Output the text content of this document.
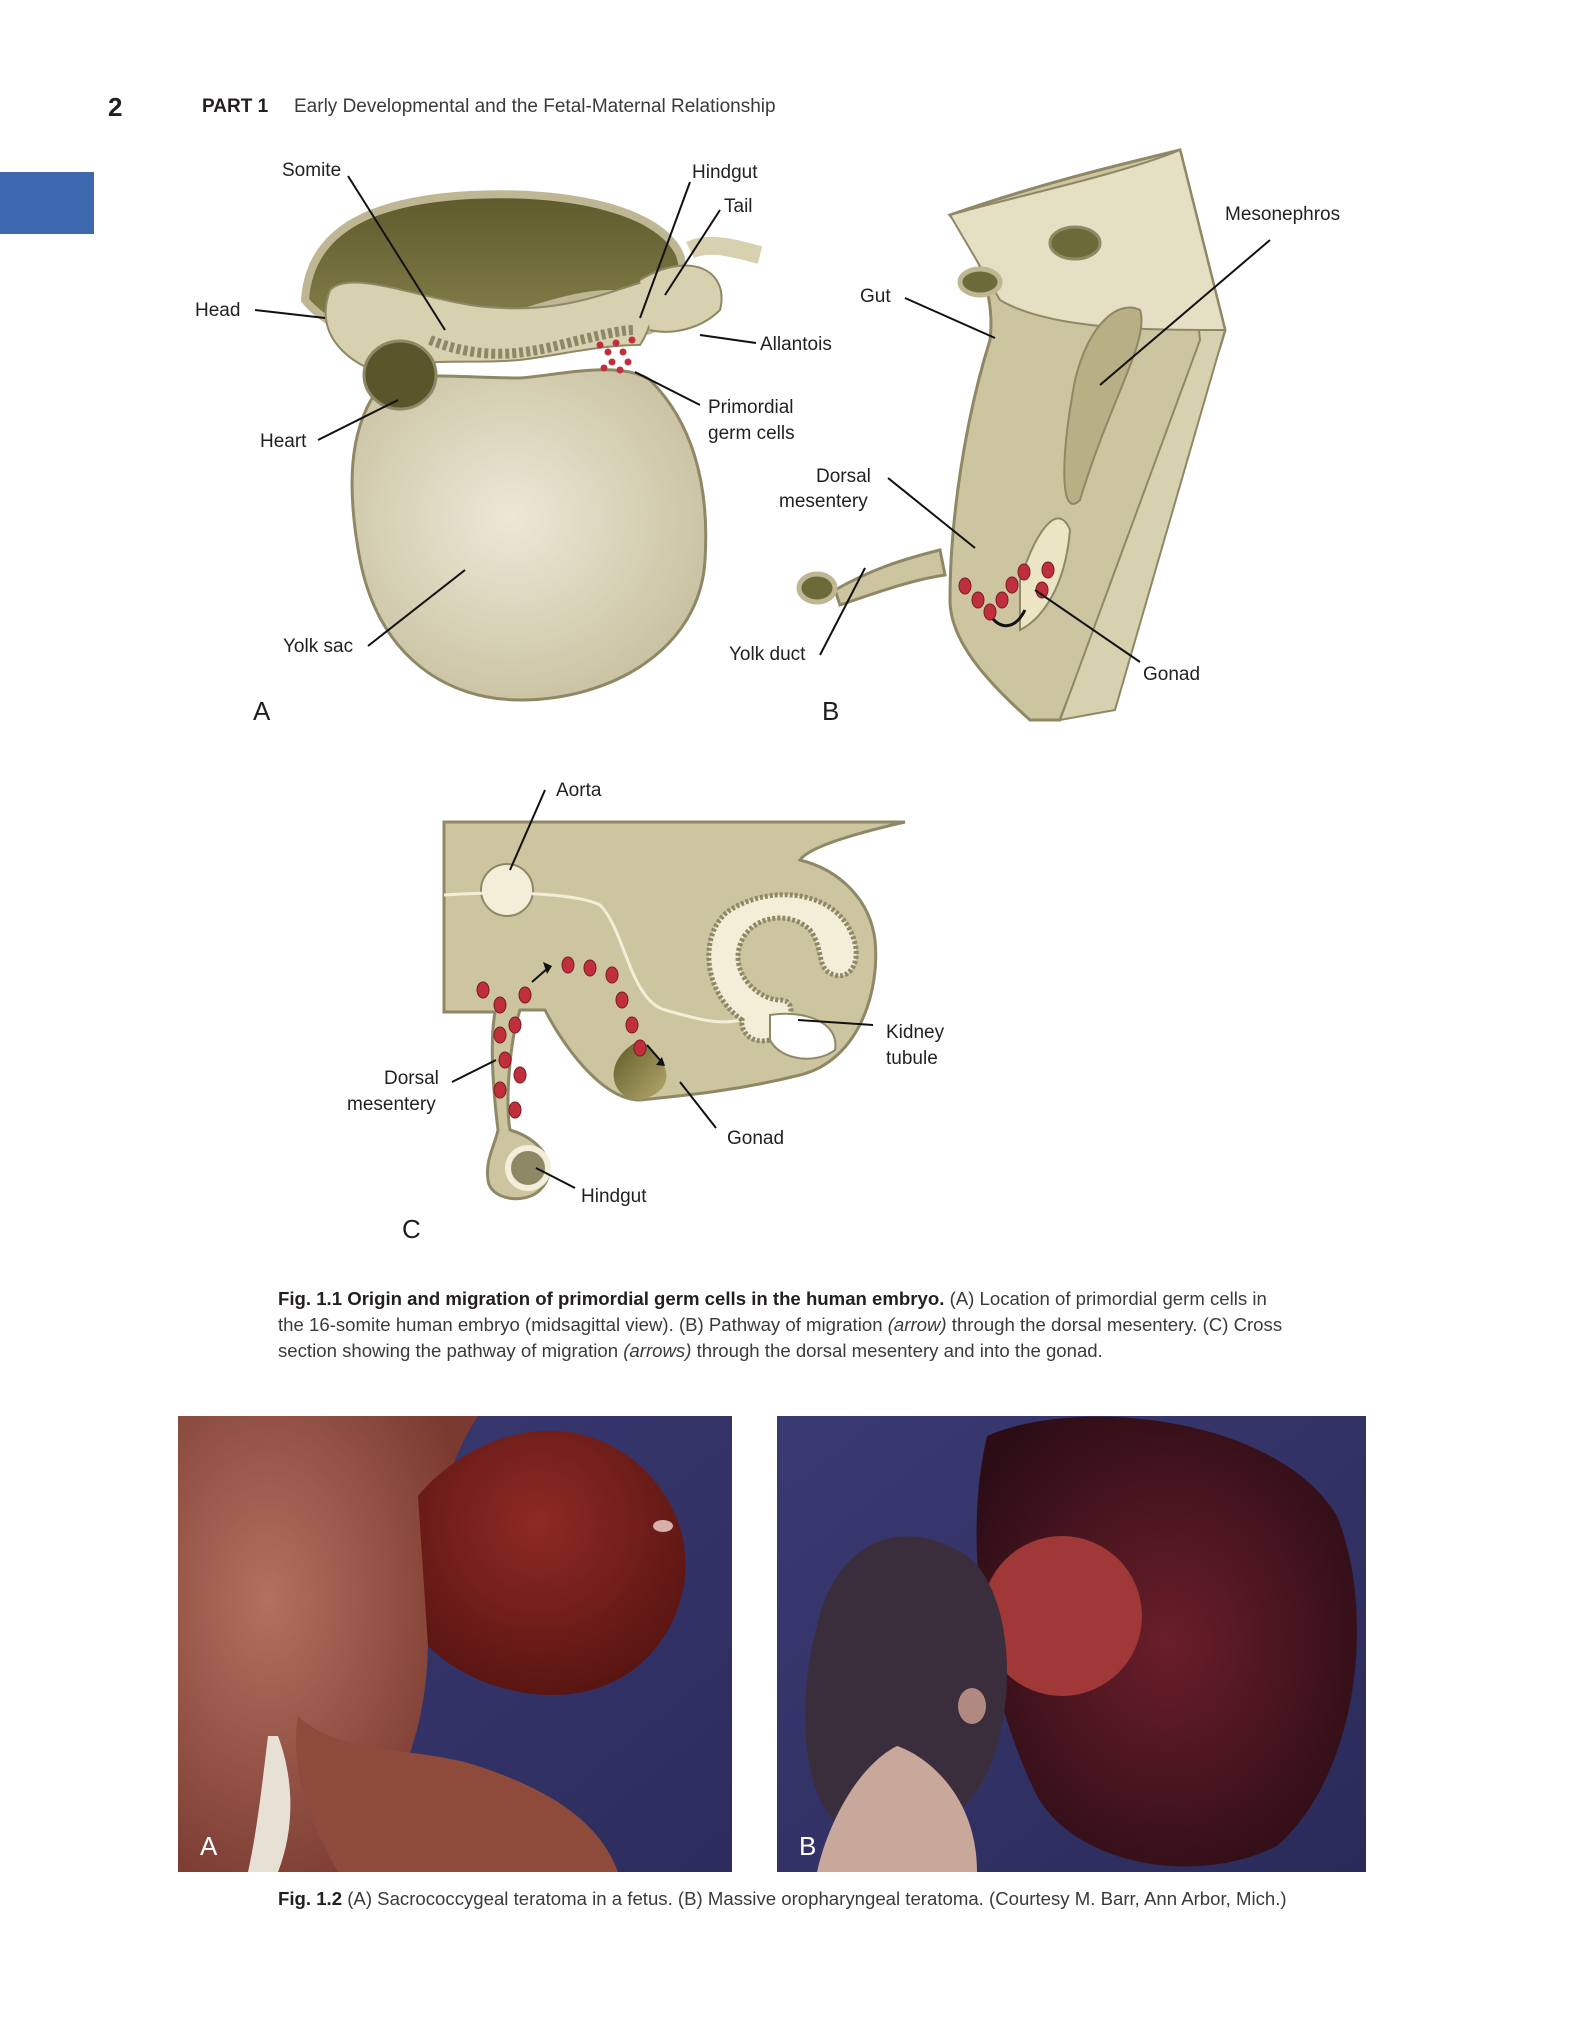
2	PART 1 Early Developmental and the Fetal-Maternal Relationship
Somite	Hindgut
Tail
Head
Allantois
Primordial
germ cells
Heart
Yolk sac
A
Mesonephros
Gut
Dorsal
mesentery
Yolk duct
Gonad
B
Aorta
Kidney
tubule
Dorsal
mesentery
Gonad
Hindgut
C
Fig. 1.1 Origin and migration of primordial germ cells in the human embryo. (A) Location of primordial germ cells in the 16-somite human embryo (midsagittal view). (B) Pathway of migration (arrow) through the dorsal mesentery. (C) Cross section showing the pathway of migration (arrows) through the dorsal mesentery and into the gonad.
A	B
Fig. 1.2 (A) Sacrococcygeal teratoma in a fetus. (B) Massive oropharyngeal teratoma. (Courtesy M. Barr, Ann Arbor, Mich.)
